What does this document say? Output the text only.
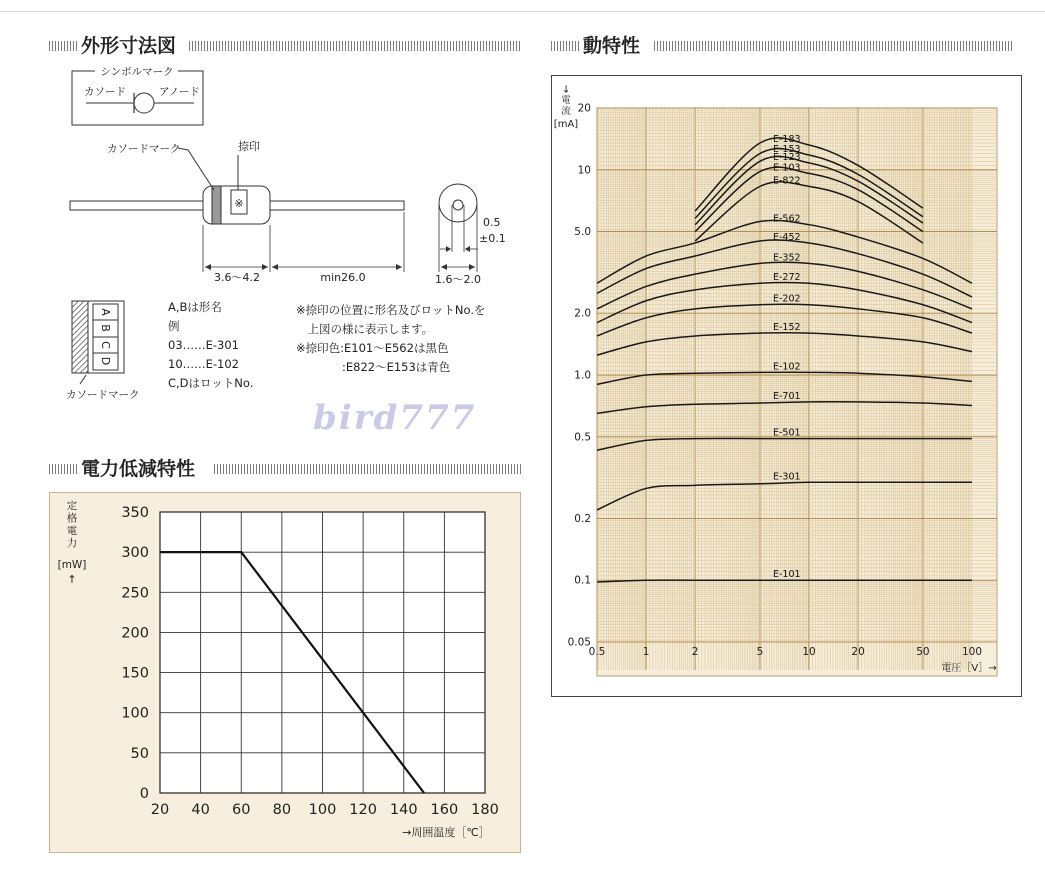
外形寸法図
電力低減特性
動特性
シンボルマーク
カソード	アノード
※
カソードマーク	捺印
3.6～4.2	min26.0
0.5
±0.1
1.6～2.0
A
B
C
D
カソードマーク
A,Bは形名
例
03……E-301
10……E-102
C,DはロットNo.
※捺印の位置に形名及びロットNo.を
　上図の様に表示します。
※捺印色:E101～E562は黒色
　　　　:E822～E153は青色
bird777
350
300
250
200
150
100
50
0
20 40 60 80 100 120 140 160 180
定
格
電
力
[mW]
↑
→周囲温度［℃］
E-183
E-153
E-123
E-103
E-822
E-562
E-452
E-352
E-272
E-202
E-152
E-102
E-701
E-501
E-301
E-101
20
10
5.0
2.0
1.0
0.5
0.2
0.1
0.05
0.5	1	2	5	10	20	50	100
→
電
流
[mA]
電圧［V］→
